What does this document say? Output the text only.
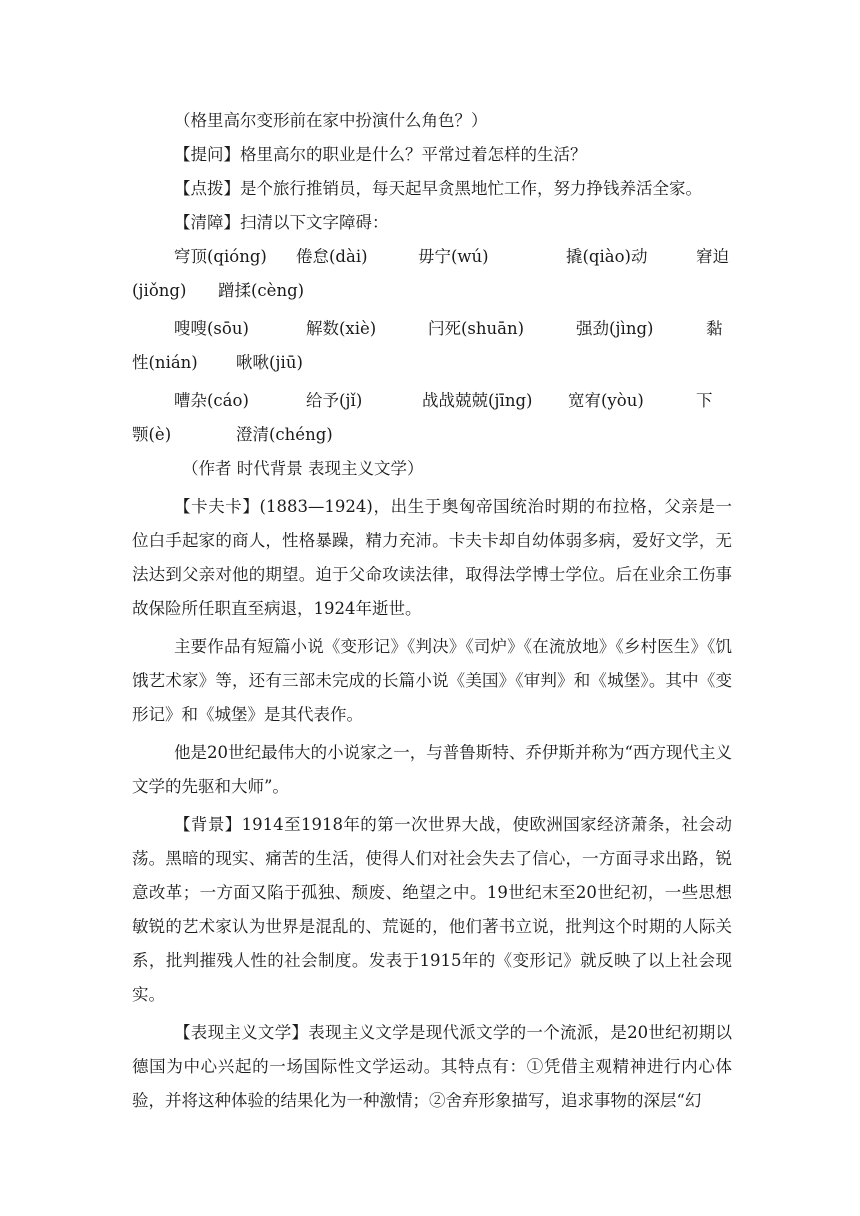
（格里高尔变形前在家中扮演什么角色？）

【提问】格里高尔的职业是什么？平常过着怎样的生活？

【点拨】是个旅行推销员，每天起早贪黑地忙工作，努力挣钱养活全家。

【清障】扫清以下文字障碍：

穹顶(qióng)	倦怠(dài)	毋宁(wú)	撬(qiào)动	窘迫
(jiǒng)	蹭揉(cèng)
嗖嗖(sōu)	解数(xiè)	闩死(shuān)	强劲(jìng)	黏
性(nián)	啾啾(jiū)
嘈杂(cáo)	给予(jǐ)	战战兢兢(jīng)	宽宥(yòu)	下
颚(è)	澄清(chéng)

（作者 时代背景 表现主义文学）

【卡夫卡】(1883—1924)，出生于奥匈帝国统治时期的布拉格，父亲是一位白手起家的商人，性格暴躁，精力充沛。卡夫卡却自幼体弱多病，爱好文学，无法达到父亲对他的期望。迫于父命攻读法律，取得法学博士学位。后在业余工伤事故保险所任职直至病退，1924年逝世。

主要作品有短篇小说《变形记》《判决》《司炉》《在流放地》《乡村医生》《饥饿艺术家》等，还有三部未完成的长篇小说《美国》《审判》和《城堡》。其中《变形记》和《城堡》是其代表作。

他是20世纪最伟大的小说家之一，与普鲁斯特、乔伊斯并称为“西方现代主义文学的先驱和大师”。

【背景】1914至1918年的第一次世界大战，使欧洲国家经济萧条，社会动荡。黑暗的现实、痛苦的生活，使得人们对社会失去了信心，一方面寻求出路，锐意改革；一方面又陷于孤独、颓废、绝望之中。19世纪末至20世纪初，一些思想敏锐的艺术家认为世界是混乱的、荒诞的，他们著书立说，批判这个时期的人际关系，批判摧残人性的社会制度。发表于1915年的《变形记》就反映了以上社会现实。

【表现主义文学】表现主义文学是现代派文学的一个流派，是20世纪初期以德国为中心兴起的一场国际性文学运动。其特点有：①凭借主观精神进行内心体验，并将这种体验的结果化为一种激情；②舍弃形象描写，追求事物的深层“幻
